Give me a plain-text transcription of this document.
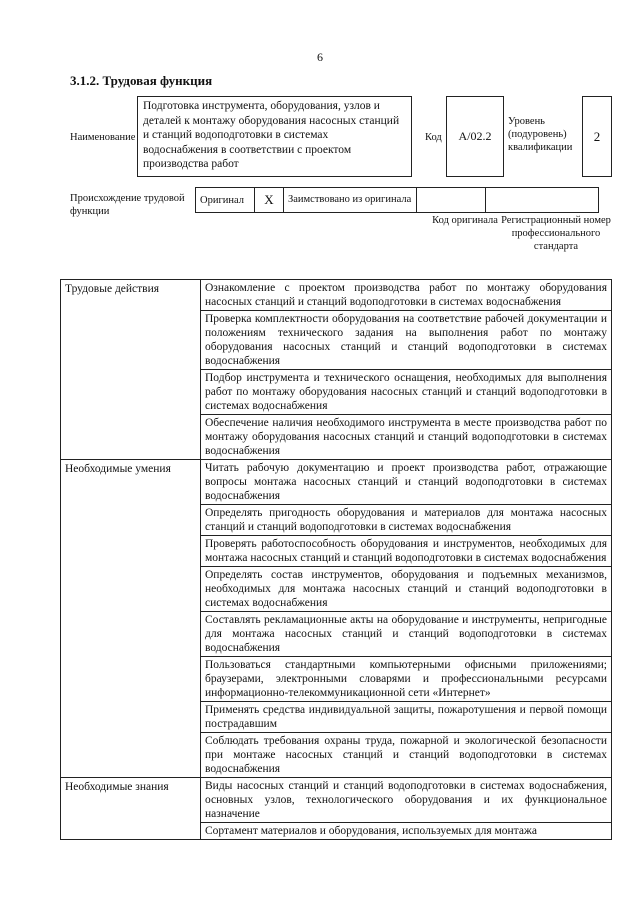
6
3.1.2. Трудовая функция
Наименование
Подготовка инструмента, оборудования, узлов и деталей к монтажу оборудования насосных станций и станций водоподготовки в системах водоснабжения в соответствии с проектом производства работ
Код	А/02.2
Уровень (подуровень) квалификации
2
Происхождение трудовой функции
Оригинал	X	Заимствовано из оригинала		
Код оригинала Регистрационный номер профессионального стандарта
Трудовые действия	Ознакомление с проектом производства работ по монтажу оборудования насосных станций и станций водоподготовки в системах водоснабжения
	Проверка комплектности оборудования на соответствие рабочей документации и положениям технического задания на выполнения работ по монтажу оборудования насосных станций и станций водоподготовки в системах водоснабжения
	Подбор инструмента и технического оснащения, необходимых для выполнения работ по монтажу оборудования насосных станций и станций водоподготовки в системах водоснабжения
	Обеспечение наличия необходимого инструмента в месте производства работ по монтажу оборудования насосных станций и станций водоподготовки в системах водоснабжения
Необходимые умения	Читать рабочую документацию и проект производства работ, отражающие вопросы монтажа насосных станций и станций водоподготовки в системах водоснабжения
	Определять пригодность оборудования и материалов для монтажа насосных станций и станций водоподготовки в системах водоснабжения
	Проверять работоспособность оборудования и инструментов, необходимых для монтажа насосных станций и станций водоподготовки в системах водоснабжения
	Определять состав инструментов, оборудования и подъемных механизмов, необходимых для монтажа насосных станций и станций водоподготовки в системах водоснабжения
	Составлять рекламационные акты на оборудование и инструменты, непригодные для монтажа насосных станций и станций водоподготовки в системах водоснабжения
	Пользоваться стандартными компьютерными офисными приложениями; браузерами, электронными словарями и профессиональными ресурсами информационно-телекоммуникационной сети «Интернет»
	Применять средства индивидуальной защиты, пожаротушения и первой помощи пострадавшим
	Соблюдать требования охраны труда, пожарной и экологической безопасности при монтаже насосных станций и станций водоподготовки в системах водоснабжения
Необходимые знания	Виды насосных станций и станций водоподготовки в системах водоснабжения, основных узлов, технологического оборудования и их функциональное назначение
	Сортамент материалов и оборудования, используемых для монтажа
